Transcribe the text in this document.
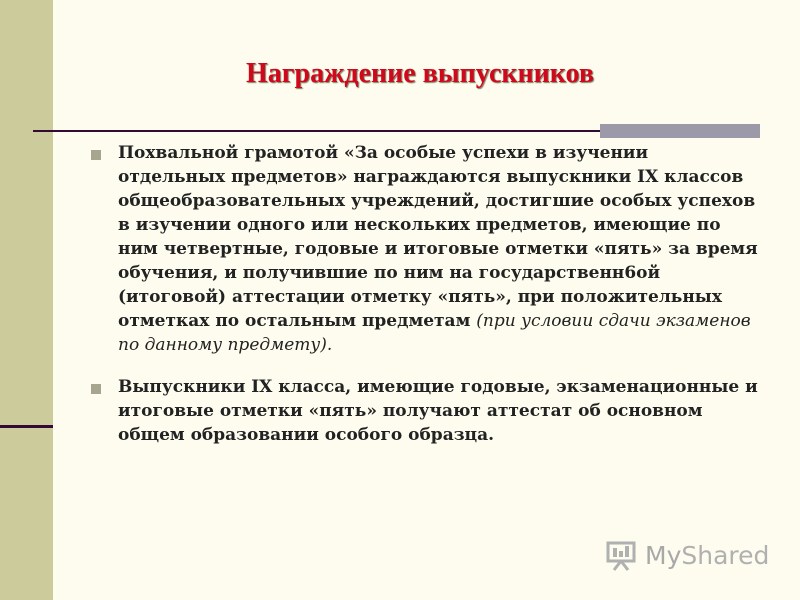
Награждение выпускников
Похвальной грамотой «За особые успехи в изучении отдельных предметов» награждаются выпускники IX классов общеобразовательных учреждений, достигшие особых успехов в изучении одного или нескольких предметов, имеющие по ним четвертные, годовые и итоговые отметки «пять» за время обучения, и получившие по ним на государственн6ой (итоговой) аттестации отметку «пять», при положительных отметках по остальным предметам (при условии сдачи экзаменов по данному предмету).
Выпускники IX класса, имеющие годовые, экзаменационные и итоговые отметки «пять» получают аттестат об основном общем образовании особого образца.
My Shared
